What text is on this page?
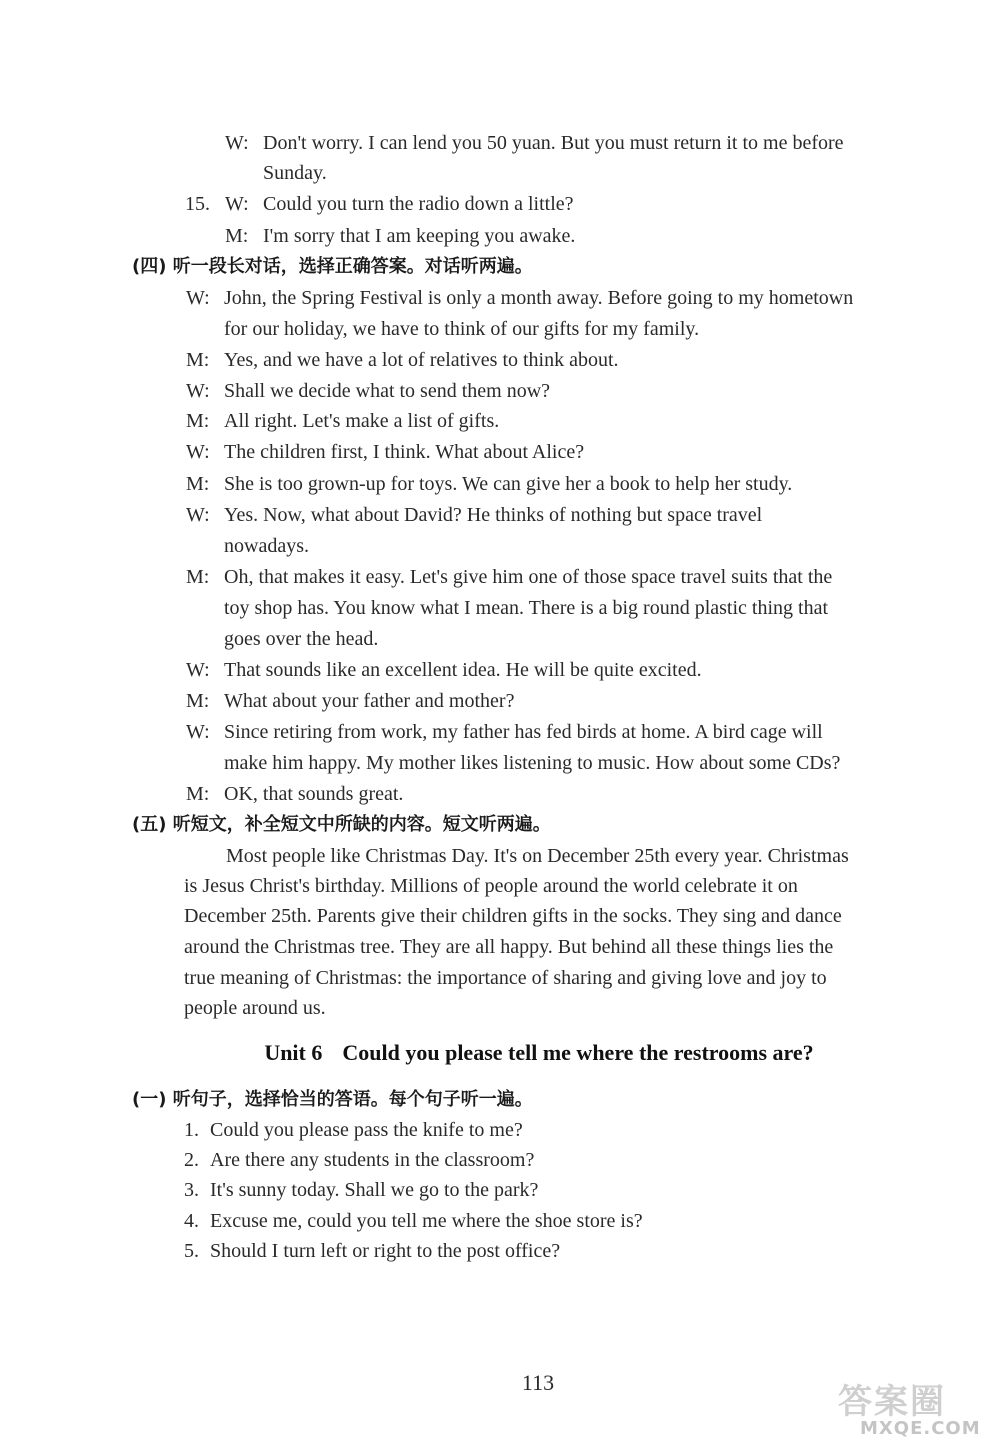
W: Don't worry. I can lend you 50 yuan. But you must return it to me before
Sunday.
15. W: Could you turn the radio down a little?
M: I'm sorry that I am keeping you awake.
(四) 听一段长对话，选择正确答案。对话听两遍。
W: John, the Spring Festival is only a month away. Before going to my hometown
for our holiday, we have to think of our gifts for my family.
M: Yes, and we have a lot of relatives to think about.
W: Shall we decide what to send them now?
M: All right. Let's make a list of gifts.
W: The children first, I think. What about Alice?
M: She is too grown-up for toys. We can give her a book to help her study.
W: Yes. Now, what about David? He thinks of nothing but space travel
nowadays.
M: Oh, that makes it easy. Let's give him one of those space travel suits that the
toy shop has. You know what I mean. There is a big round plastic thing that
goes over the head.
W: That sounds like an excellent idea. He will be quite excited.
M: What about your father and mother?
W: Since retiring from work, my father has fed birds at home. A bird cage will
make him happy. My mother likes listening to music. How about some CDs?
M: OK, that sounds great.
(五) 听短文，补全短文中所缺的内容。短文听两遍。
Most people like Christmas Day. It's on December 25th every year. Christmas
is Jesus Christ's birthday. Millions of people around the world celebrate it on
December 25th. Parents give their children gifts in the socks. They sing and dance
around the Christmas tree. They are all happy. But behind all these things lies the
true meaning of Christmas: the importance of sharing and giving love and joy to
people around us.
Unit 6 Could you please tell me where the restrooms are?
(一) 听句子，选择恰当的答语。每个句子听一遍。
1. Could you please pass the knife to me?
2. Are there any students in the classroom?
3. It's sunny today. Shall we go to the park?
4. Excuse me, could you tell me where the shoe store is?
5. Should I turn left or right to the post office?
113	答案圈
MXQE.COM
